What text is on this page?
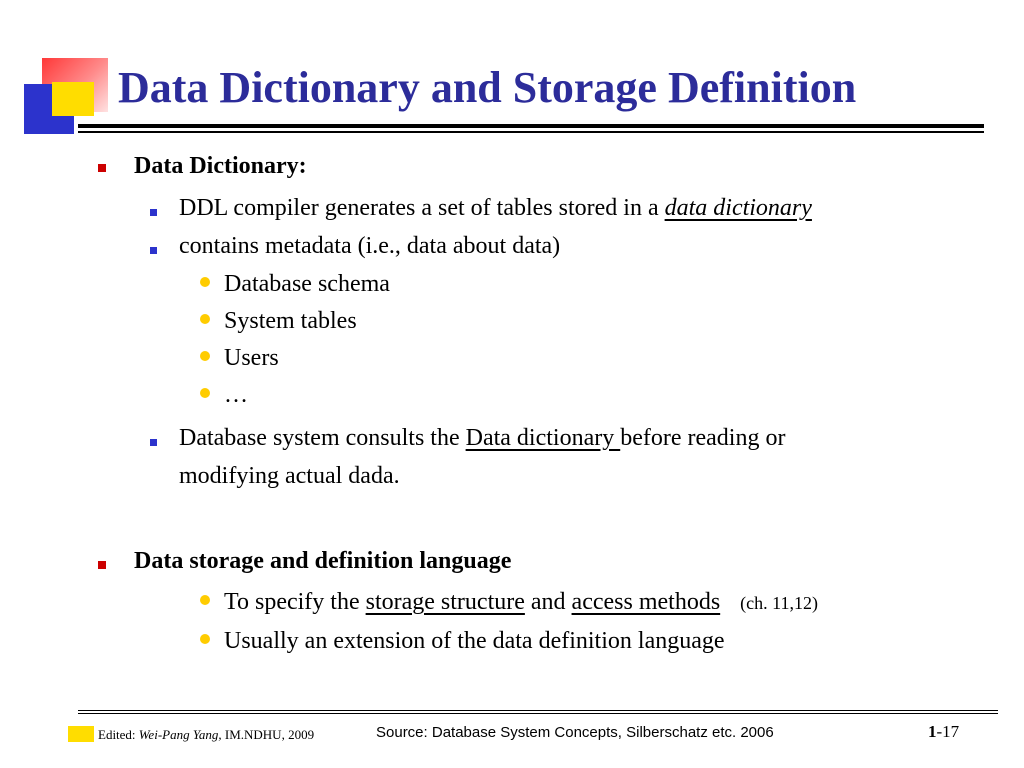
Data Dictionary and Storage Definition
Data Dictionary:
DDL compiler generates a set of tables stored in a data dictionary
contains metadata (i.e., data about data)
Database schema
System tables
Users
…
Database system consults the Data dictionary before reading or
modifying actual dada.
Data storage and definition language
To specify the storage structure and access methods (ch. 11,12)
Usually an extension of the data definition language
Edited: Wei-Pang Yang, IM.NDHU, 2009	Source: Database System Concepts, Silberschatz etc. 2006	1-17
